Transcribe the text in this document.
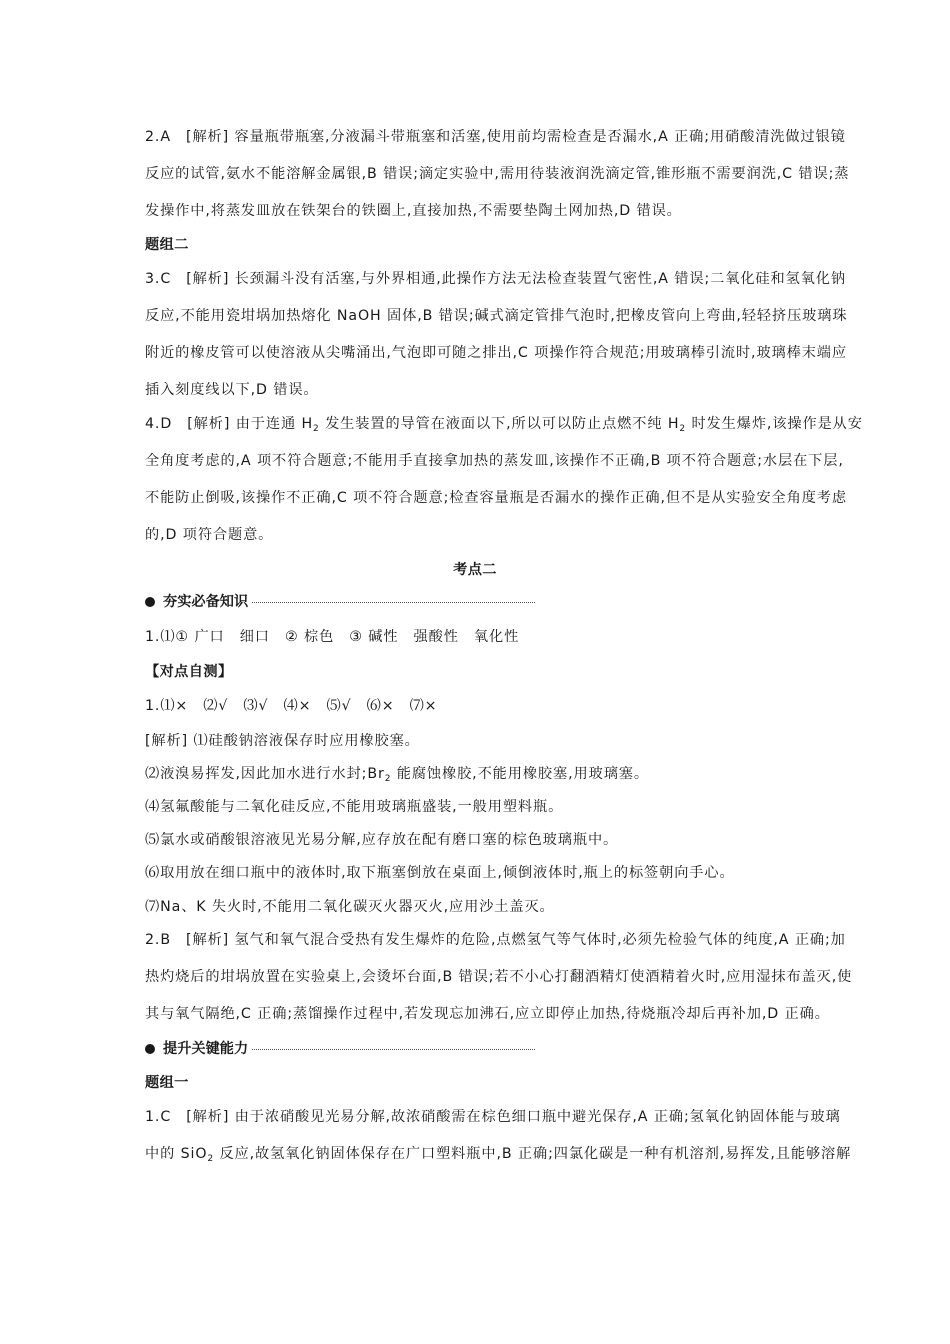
2.A　[解析] 容量瓶带瓶塞,分液漏斗带瓶塞和活塞,使用前均需检查是否漏水,A 正确;用硝酸清洗做过银镜
反应的试管,氨水不能溶解金属银,B 错误;滴定实验中,需用待装液润洗滴定管,锥形瓶不需要润洗,C 错误;蒸
发操作中,将蒸发皿放在铁架台的铁圈上,直接加热,不需要垫陶土网加热,D 错误。
题组二
3.C　[解析] 长颈漏斗没有活塞,与外界相通,此操作方法无法检查装置气密性,A 错误;二氧化硅和氢氧化钠
反应,不能用瓷坩埚加热熔化 NaOH 固体,B 错误;碱式滴定管排气泡时,把橡皮管向上弯曲,轻轻挤压玻璃珠
附近的橡皮管可以使溶液从尖嘴涌出,气泡即可随之排出,C 项操作符合规范;用玻璃棒引流时,玻璃棒末端应
插入刻度线以下,D 错误。
4.D　[解析] 由于连通 $H_2$ 发生装置的导管在液面以下,所以可以防止点燃不纯 $H_2$ 时发生爆炸,该操作是从安
全角度考虑的,A 项不符合题意;不能用手直接拿加热的蒸发皿,该操作不正确,B 项不符合题意;水层在下层,
不能防止倒吸,该操作不正确,C 项不符合题意;检查容量瓶是否漏水的操作正确,但不是从实验安全角度考虑
的,D 项符合题意。
考点二
夯实必备知识
1.⑴① 广口　细口　② 棕色　③ 碱性　强酸性　氧化性
【对点自测】
1.⑴×　⑵√　⑶√　⑷×　⑸√　⑹×　⑺×
[解析] ⑴硅酸钠溶液保存时应用橡胶塞。
⑵液溴易挥发,因此加水进行水封$;Br_2$ 能腐蚀橡胶,不能用橡胶塞,用玻璃塞。
⑷氢氟酸能与二氧化硅反应,不能用玻璃瓶盛装,一般用塑料瓶。
⑸氯水或硝酸银溶液见光易分解,应存放在配有磨口塞的棕色玻璃瓶中。
⑹取用放在细口瓶中的液体时,取下瓶塞倒放在桌面上,倾倒液体时,瓶上的标签朝向手心。
⑺Na、K 失火时,不能用二氧化碳灭火器灭火,应用沙土盖灭。
2.B　[解析] 氢气和氧气混合受热有发生爆炸的危险,点燃氢气等气体时,必须先检验气体的纯度,A 正确;加
热灼烧后的坩埚放置在实验桌上,会烫坏台面,B 错误;若不小心打翻酒精灯使酒精着火时,应用湿抹布盖灭,使
其与氧气隔绝,C 正确;蒸馏操作过程中,若发现忘加沸石,应立即停止加热,待烧瓶冷却后再补加,D 正确。
提升关键能力
题组一
1.C　[解析] 由于浓硝酸见光易分解,故浓硝酸需在棕色细口瓶中避光保存,A 正确;氢氧化钠固体能与玻璃
中的 SiO$_2$ 反应,故氢氧化钠固体保存在广口塑料瓶中,B 正确;四氯化碳是一种有机溶剂,易挥发,且能够溶解
